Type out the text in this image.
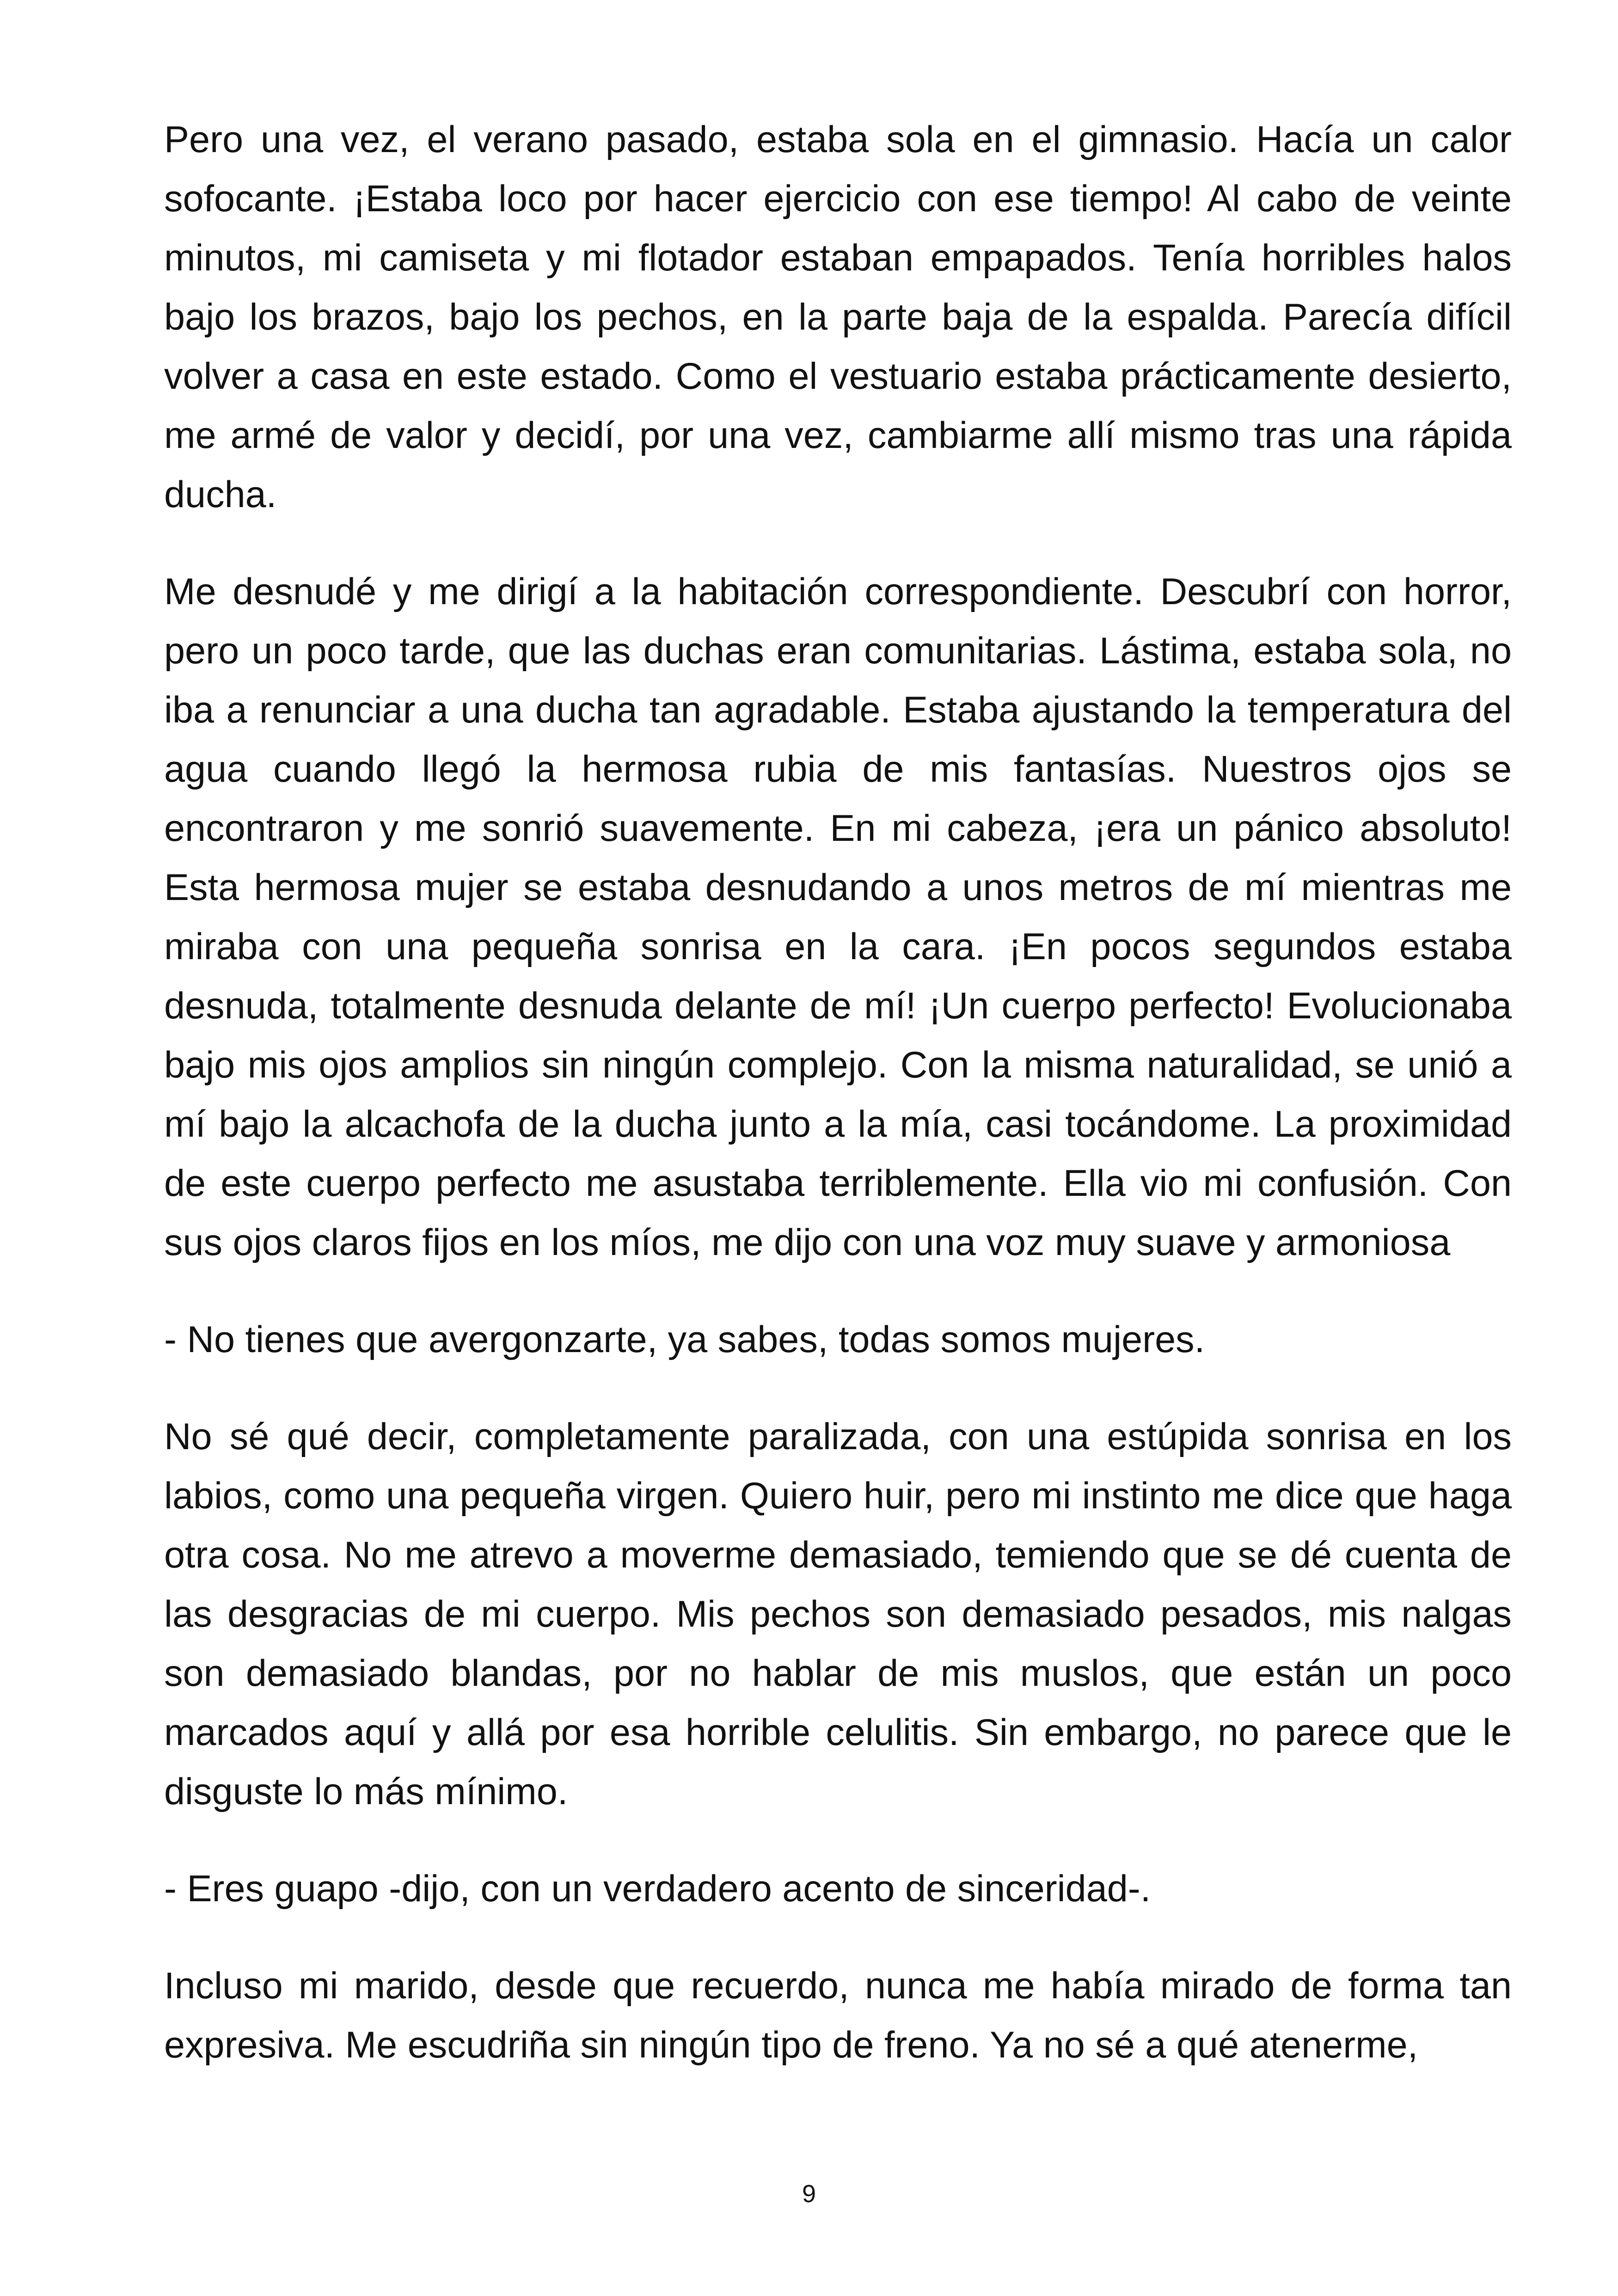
Pero una vez, el verano pasado, estaba sola en el gimnasio. Hacía un calor sofocante. ¡Estaba loco por hacer ejercicio con ese tiempo! Al cabo de veinte minutos, mi camiseta y mi flotador estaban empapados. Tenía horribles halos bajo los brazos, bajo los pechos, en la parte baja de la espalda. Parecía difícil volver a casa en este estado. Como el vestuario estaba prácticamente desierto, me armé de valor y decidí, por una vez, cambiarme allí mismo tras una rápida ducha.

Me desnudé y me dirigí a la habitación correspondiente. Descubrí con horror, pero un poco tarde, que las duchas eran comunitarias. Lástima, estaba sola, no iba a renunciar a una ducha tan agradable. Estaba ajustando la temperatura del agua cuando llegó la hermosa rubia de mis fantasías. Nuestros ojos se encontraron y me sonrió suavemente. En mi cabeza, ¡era un pánico absoluto! Esta hermosa mujer se estaba desnudando a unos metros de mí mientras me miraba con una pequeña sonrisa en la cara. ¡En pocos segundos estaba desnuda, totalmente desnuda delante de mí! ¡Un cuerpo perfecto! Evolucionaba bajo mis ojos amplios sin ningún complejo. Con la misma naturalidad, se unió a mí bajo la alcachofa de la ducha junto a la mía, casi tocándome. La proximidad de este cuerpo perfecto me asustaba terriblemente. Ella vio mi confusión. Con sus ojos claros fijos en los míos, me dijo con una voz muy suave y armoniosa

- No tienes que avergonzarte, ya sabes, todas somos mujeres.

No sé qué decir, completamente paralizada, con una estúpida sonrisa en los labios, como una pequeña virgen. Quiero huir, pero mi instinto me dice que haga otra cosa. No me atrevo a moverme demasiado, temiendo que se dé cuenta de las desgracias de mi cuerpo. Mis pechos son demasiado pesados, mis nalgas son demasiado blandas, por no hablar de mis muslos, que están un poco marcados aquí y allá por esa horrible celulitis. Sin embargo, no parece que le disguste lo más mínimo.

- Eres guapo -dijo, con un verdadero acento de sinceridad-.

Incluso mi marido, desde que recuerdo, nunca me había mirado de forma tan expresiva. Me escudriña sin ningún tipo de freno. Ya no sé a qué atenerme,

9
